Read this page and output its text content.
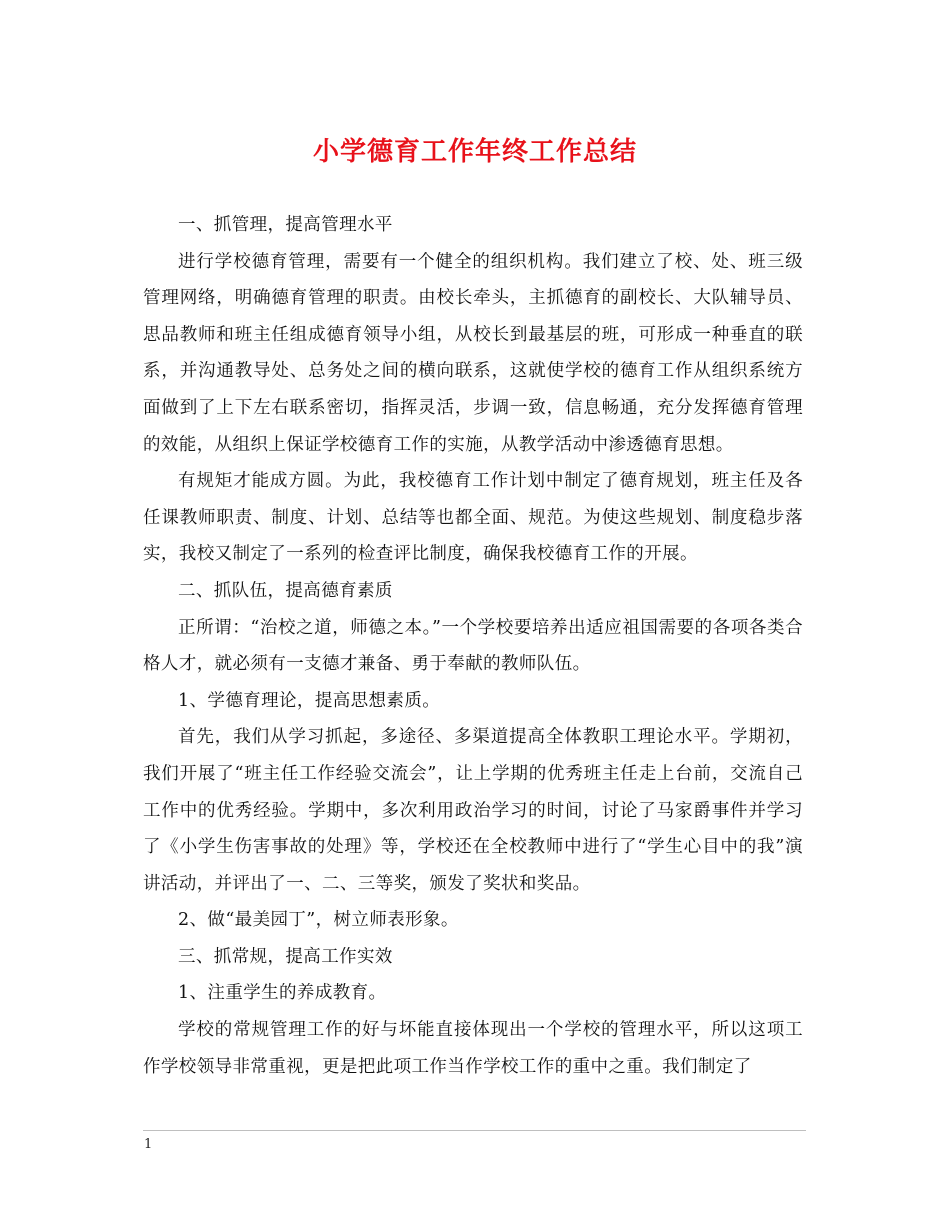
小学德育工作年终工作总结

一、抓管理，提高管理水平

进行学校德育管理，需要有一个健全的组织机构。我们建立了校、处、班三级管理网络，明确德育管理的职责。由校长牵头，主抓德育的副校长、大队辅导员、思品教师和班主任组成德育领导小组，从校长到最基层的班，可形成一种垂直的联系，并沟通教导处、总务处之间的横向联系，这就使学校的德育工作从组织系统方面做到了上下左右联系密切，指挥灵活，步调一致，信息畅通，充分发挥德育管理的效能，从组织上保证学校德育工作的实施，从教学活动中渗透德育思想。

有规矩才能成方圆。为此，我校德育工作计划中制定了德育规划，班主任及各任课教师职责、制度、计划、总结等也都全面、规范。为使这些规划、制度稳步落实，我校又制定了一系列的检查评比制度，确保我校德育工作的开展。

二、抓队伍，提高德育素质

正所谓：“治校之道，师德之本。”一个学校要培养出适应祖国需要的各项各类合格人才，就必须有一支德才兼备、勇于奉献的教师队伍。

1、学德育理论，提高思想素质。

首先，我们从学习抓起，多途径、多渠道提高全体教职工理论水平。学期初，我们开展了“班主任工作经验交流会”，让上学期的优秀班主任走上台前，交流自己工作中的优秀经验。学期中，多次利用政治学习的时间，讨论了马家爵事件并学习了《小学生伤害事故的处理》等，学校还在全校教师中进行了“学生心目中的我”演讲活动，并评出了一、二、三等奖，颁发了奖状和奖品。

2、做“最美园丁”，树立师表形象。

三、抓常规，提高工作实效

1、注重学生的养成教育。

学校的常规管理工作的好与坏能直接体现出一个学校的管理水平，所以这项工作学校领导非常重视，更是把此项工作当作学校工作的重中之重。我们制定了

1
